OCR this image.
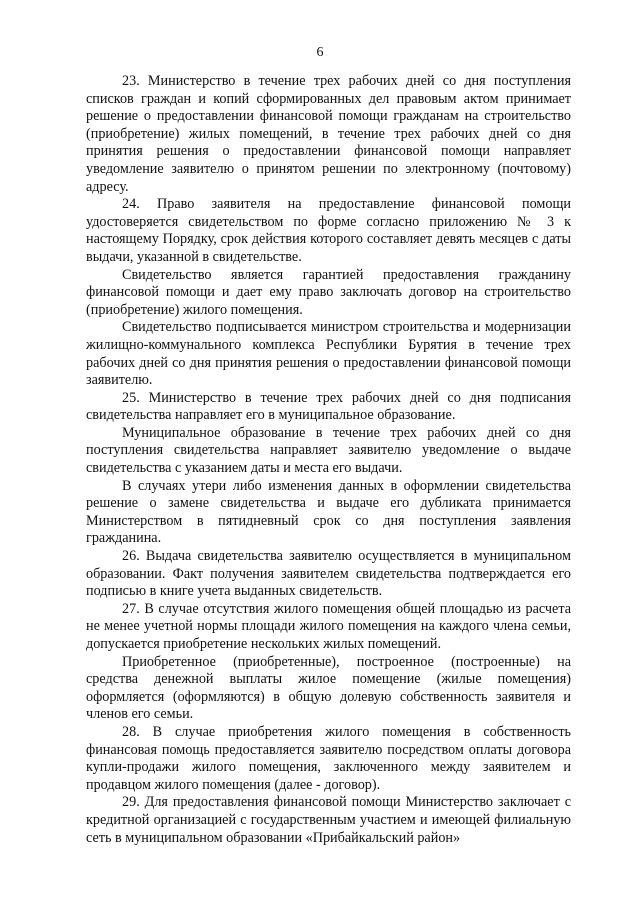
6

23. Министерство в течение трех рабочих дней со дня поступления списков граждан и копий сформированных дел правовым актом принимает решение о предоставлении финансовой помощи гражданам на строительство (приобретение) жилых помещений, в течение трех рабочих дней со дня принятия решения о предоставлении финансовой помощи направляет уведомление заявителю о принятом решении по электронному (почтовому) адресу.

24. Право заявителя на предоставление финансовой помощи удостоверяется свидетельством по форме согласно приложению № 3 к настоящему Порядку, срок действия которого составляет девять месяцев с даты выдачи, указанной в свидетельстве.

Свидетельство является гарантией предоставления гражданину финансовой помощи и дает ему право заключать договор на строительство (приобретение) жилого помещения.

Свидетельство подписывается министром строительства и модернизации жилищно-коммунального комплекса Республики Бурятия в течение трех рабочих дней со дня принятия решения о предоставлении финансовой помощи заявителю.

25. Министерство в течение трех рабочих дней со дня подписания свидетельства направляет его в муниципальное образование.

Муниципальное образование в течение трех рабочих дней со дня поступления свидетельства направляет заявителю уведомление о выдаче свидетельства с указанием даты и места его выдачи.

В случаях утери либо изменения данных в оформлении свидетельства решение о замене свидетельства и выдаче его дубликата принимается Министерством в пятидневный срок со дня поступления заявления гражданина.

26. Выдача свидетельства заявителю осуществляется в муниципальном образовании. Факт получения заявителем свидетельства подтверждается его подписью в книге учета выданных свидетельств.

27. В случае отсутствия жилого помещения общей площадью из расчета не менее учетной нормы площади жилого помещения на каждого члена семьи, допускается приобретение нескольких жилых помещений.

Приобретенное (приобретенные), построенное (построенные) на средства денежной выплаты жилое помещение (жилые помещения) оформляется (оформляются) в общую долевую собственность заявителя и членов его семьи.

28. В случае приобретения жилого помещения в собственность финансовая помощь предоставляется заявителю посредством оплаты договора купли-продажи жилого помещения, заключенного между заявителем и продавцом жилого помещения (далее - договор).

29. Для предоставления финансовой помощи Министерство заключает с кредитной организацией с государственным участием и имеющей филиальную сеть в муниципальном образовании «Прибайкальский район»
